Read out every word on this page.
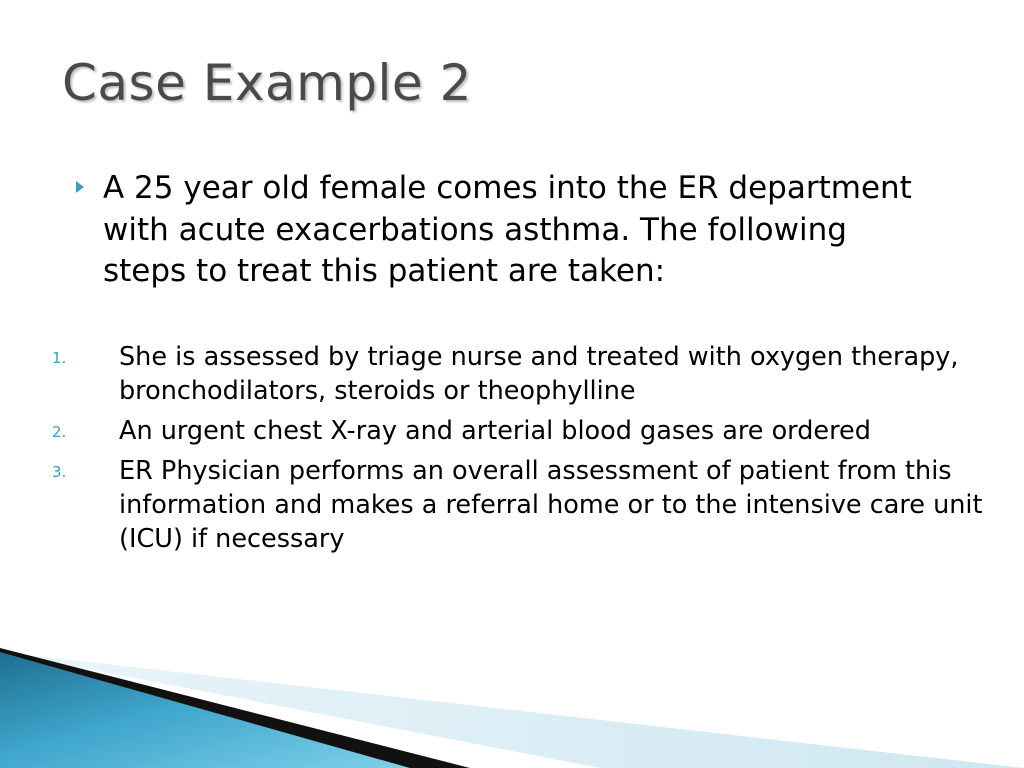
Case Example 2

A 25 year old female comes into the ER department  with acute exacerbations asthma. The following steps to treat this patient are taken:

1. She is assessed by triage nurse and treated with oxygen therapy, bronchodilators, steroids or theophylline
2. An urgent chest X-ray and arterial blood gases are ordered
3. ER Physician performs an overall assessment of patient from this information and makes a referral home or to the intensive care unit (ICU) if necessary
